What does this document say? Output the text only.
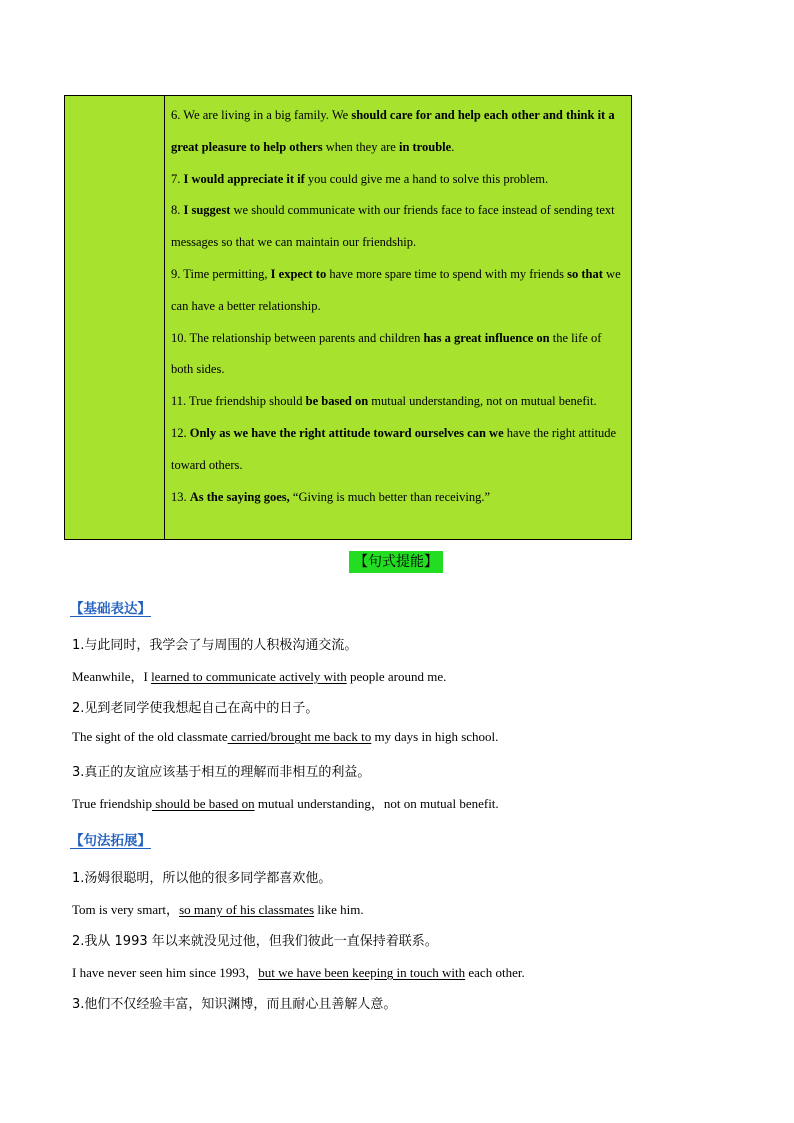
6. We are living in a big family. We should care for and help each other and think it a great pleasure to help others when they are in trouble.

7. I would appreciate it if you could give me a hand to solve this problem.

8. I suggest we should communicate with our friends face to face instead of sending text messages so that we can maintain our friendship.

9. Time permitting, I expect to have more spare time to spend with my friends so that we can have a better relationship.

10. The relationship between parents and children has a great influence on the life of both sides.

11. True friendship should be based on mutual understanding, not on mutual benefit.

12. Only as we have the right attitude toward ourselves can we have the right attitude toward others.

13. As the saying goes, “Giving is much better than receiving.”

【句式提能】
【基础表达】
1.与此同时，我学会了与周围的人积极沟通交流。
Meanwhile，I learned to communicate actively with people around me.
2.见到老同学使我想起自己在高中的日子。
The sight of the old classmate carried/brought me back to my days in high school.
3.真正的友谊应该基于相互的理解而非相互的利益。
True friendship should be based on mutual understanding，not on mutual benefit.
【句法拓展】
1.汤姆很聪明，所以他的很多同学都喜欢他。
Tom is very smart，so many of his classmates like him.
2.我从 1993 年以来就没见过他，但我们彼此一直保持着联系。
I have never seen him since 1993，but we have been keeping in touch with each other.
3.他们不仅经验丰富，知识渊博，而且耐心且善解人意。
